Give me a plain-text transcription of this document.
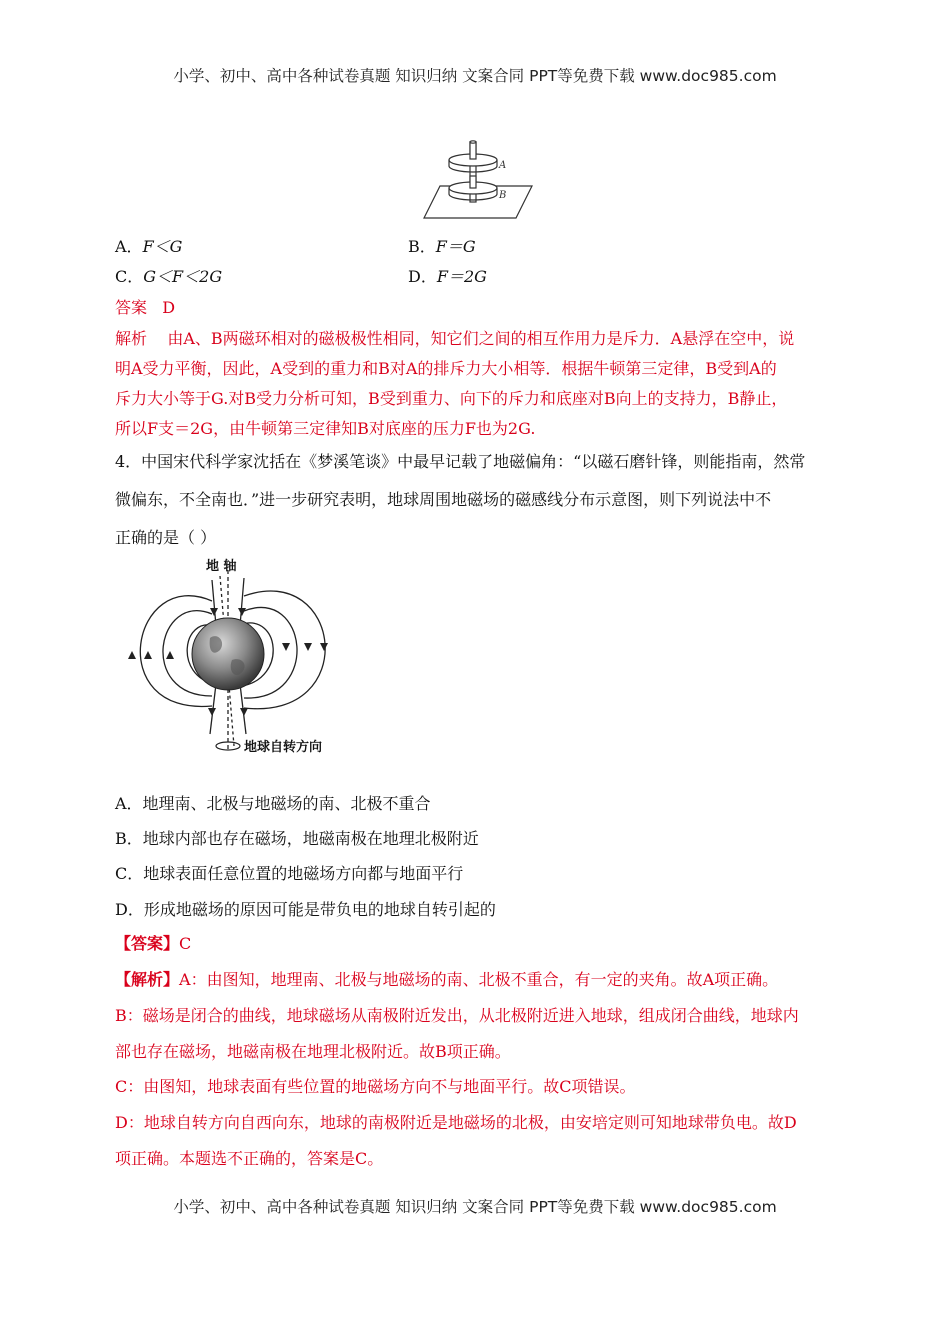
小学、初中、高中各种试卷真题 知识归纳 文案合同 PPT等免费下载 www.doc985.com
A
B
A．F＜G	B．F＝G
C．G＜F＜2G	D．F＝2G
答案 D
解析 由A、B两磁环相对的磁极极性相同，知它们之间的相互作用力是斥力．A悬浮在空中，说
明A受力平衡，因此，A受到的重力和B对A的排斥力大小相等．根据牛顿第三定律，B受到A的
斥力大小等于G.对B受力分析可知，B受到重力、向下的斥力和底座对B向上的支持力，B静止，
所以F支＝2G，由牛顿第三定律知B对底座的压力F也为2G.
4．中国宋代科学家沈括在《梦溪笔谈》中最早记载了地磁偏角：“以磁石磨针锋，则能指南，然常
微偏东，不全南也．”进一步研究表明，地球周围地磁场的磁感线分布示意图，则下列说法中不
正确的是（ ）
地 轴
地球自转方向
A．地理南、北极与地磁场的南、北极不重合
B．地球内部也存在磁场，地磁南极在地理北极附近
C．地球表面任意位置的地磁场方向都与地面平行
D．形成地磁场的原因可能是带负电的地球自转引起的
【答案】C
【解析】A：由图知，地理南、北极与地磁场的南、北极不重合，有一定的夹角。故A项正确。
B：磁场是闭合的曲线，地球磁场从南极附近发出，从北极附近进入地球，组成闭合曲线，地球内
部也存在磁场，地磁南极在地理北极附近。故B项正确。
C：由图知，地球表面有些位置的地磁场方向不与地面平行。故C项错误。
D：地球自转方向自西向东，地球的南极附近是地磁场的北极，由安培定则可知地球带负电。故D
项正确。本题选不正确的，答案是C。
小学、初中、高中各种试卷真题 知识归纳 文案合同 PPT等免费下载 www.doc985.com
